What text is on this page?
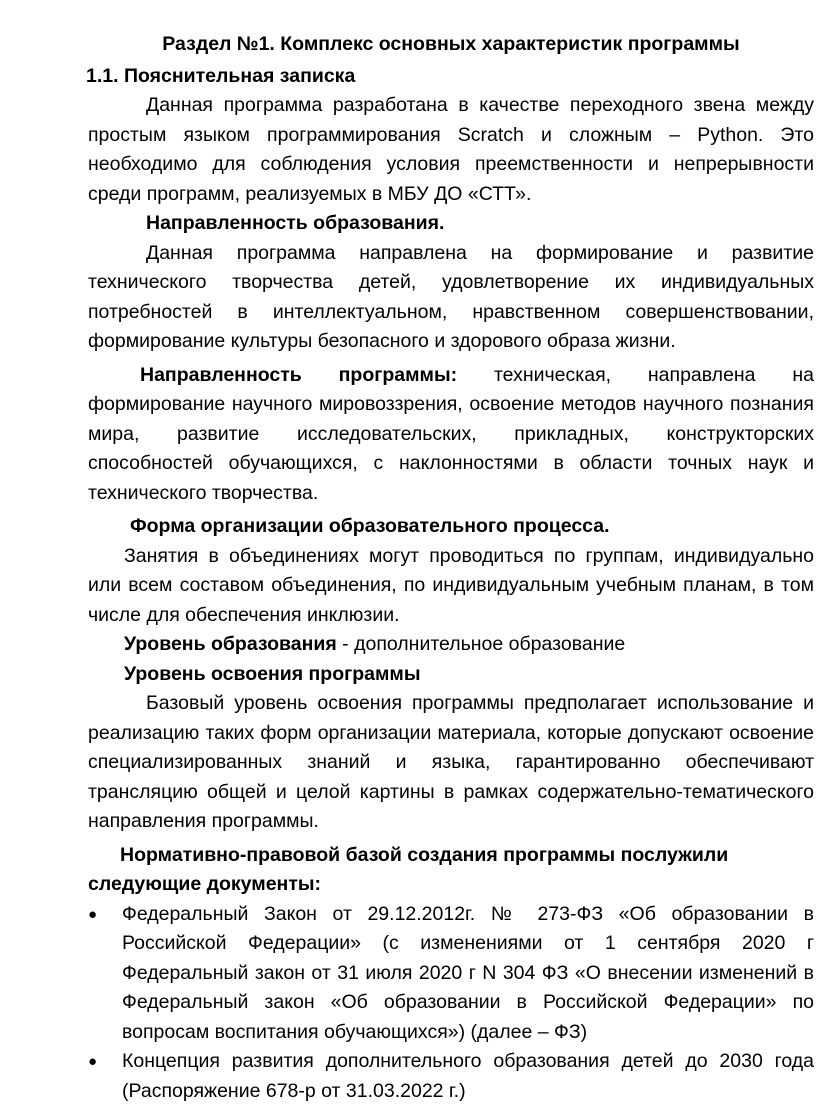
Раздел №1. Комплекс основных характеристик программы
1.1. Пояснительная записка

Данная программа разработана в качестве переходного звена между простым языком программирования Scratch и сложным – Python. Это необходимо для соблюдения условия преемственности и непрерывности среди программ, реализуемых в МБУ ДО «СТТ».

Направленность образования.

Данная программа направлена на формирование и развитие технического творчества детей, удовлетворение их индивидуальных потребностей в интеллектуальном, нравственном совершенствовании, формирование культуры безопасного и здорового образа жизни.

Направленность программы: техническая, направлена на формирование научного мировоззрения, освоение методов научного познания мира, развитие исследовательских, прикладных, конструкторских способностей обучающихся, с наклонностями в области точных наук и технического творчества.

Форма организации образовательного процесса.

Занятия в объединениях могут проводиться по группам, индивидуально или всем составом объединения, по индивидуальным учебным планам, в том числе для обеспечения инклюзии.

Уровень образования - дополнительное образование
Уровень освоения программы

Базовый уровень освоения программы предполагает использование и реализацию таких форм организации материала, которые допускают освоение специализированных знаний и языка, гарантированно обеспечивают трансляцию общей и целой картины в рамках содержательно-тематического направления программы.

Нормативно-правовой базой создания программы послужили следующие документы:
● Федеральный Закон от 29.12.2012г. № 273-ФЗ «Об образовании в Российской Федерации» (с изменениями от 1 сентября 2020 г Федеральный закон от 31 июля 2020 г N 304 ФЗ «О внесении изменений в Федеральный закон «Об образовании в Российской Федерации» по вопросам воспитания обучающихся») (далее – ФЗ)
● Концепция развития дополнительного образования детей до 2030 года (Распоряжение 678-р от 31.03.2022 г.)
